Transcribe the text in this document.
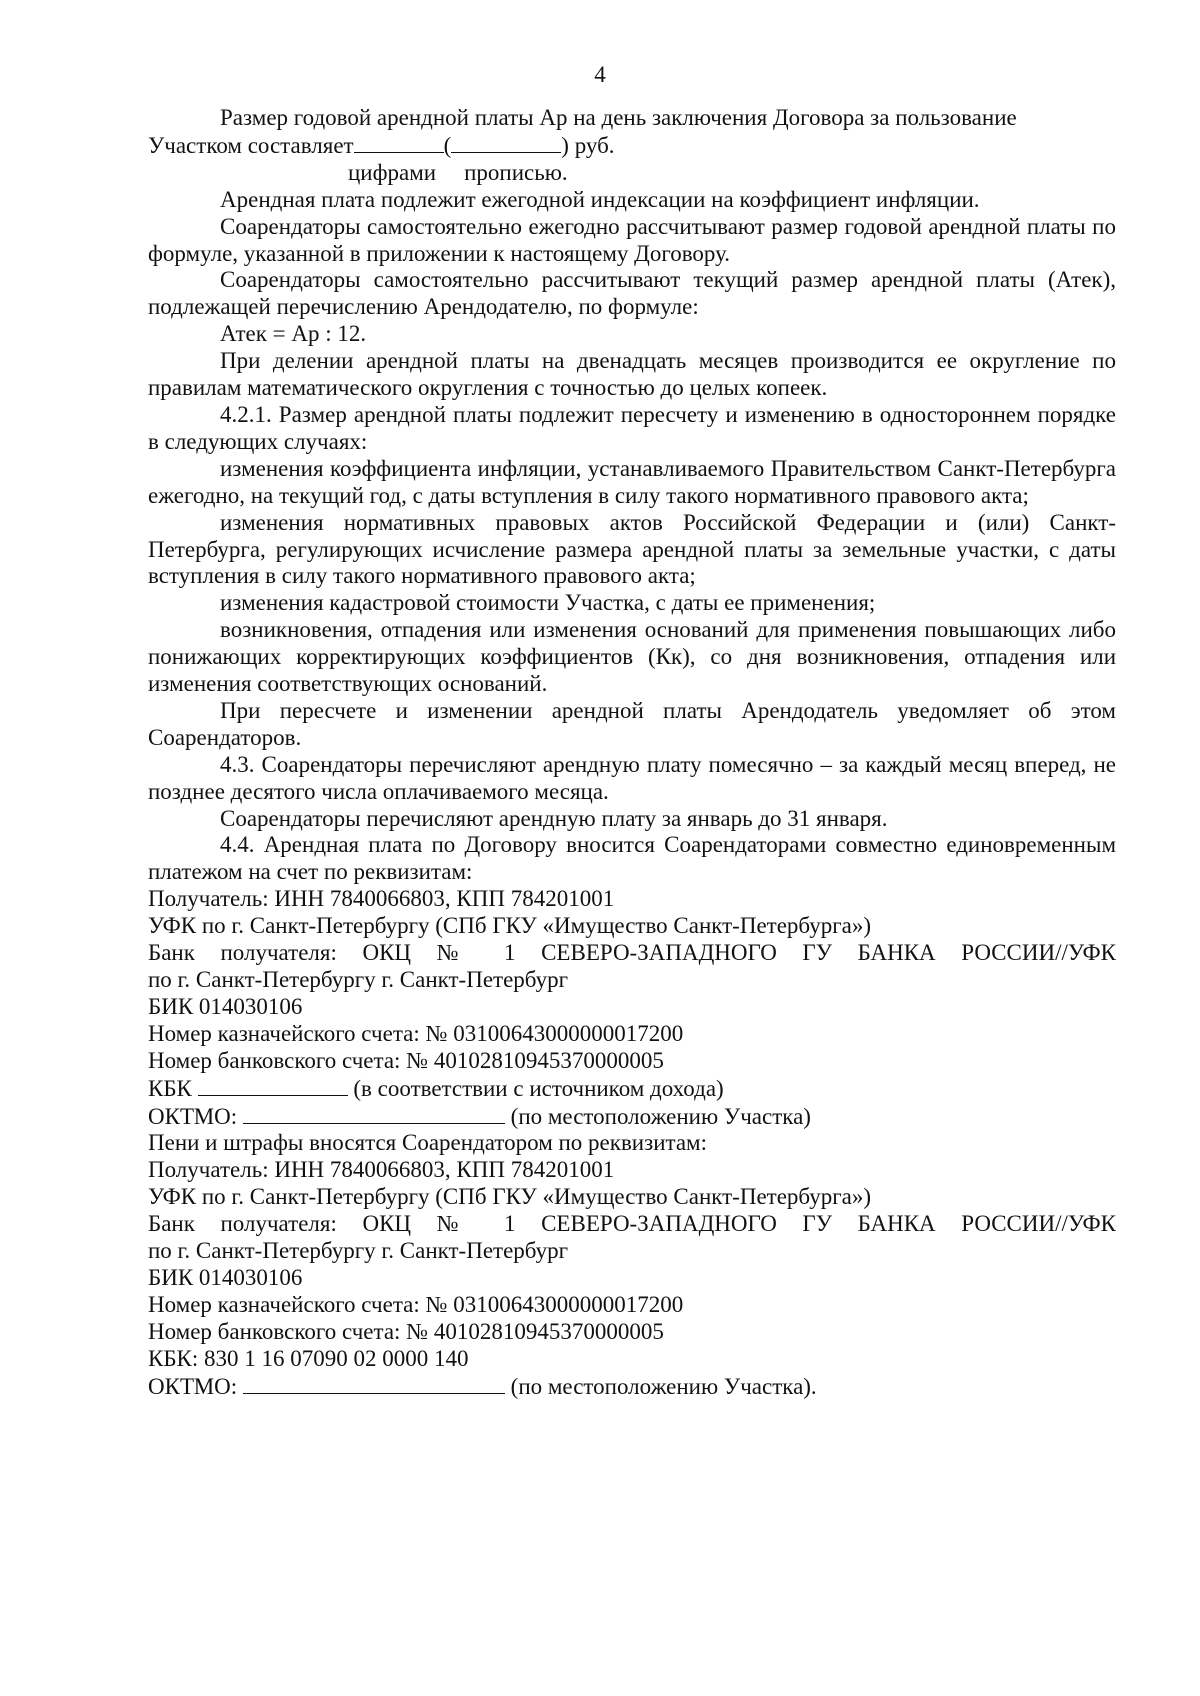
4

Размер годовой арендной платы Ар на день заключения Договора за пользование

Участком составляет	(	) руб.

цифрами прописью.

Арендная плата подлежит ежегодной индексации на коэффициент инфляции.

Соарендаторы самостоятельно ежегодно рассчитывают размер годовой арендной платы по формуле, указанной в приложении к настоящему Договору.

Соарендаторы самостоятельно рассчитывают текущий размер арендной платы (Атек), подлежащей перечислению Арендодателю, по формуле:

Атек = Ар : 12.

При делении арендной платы на двенадцать месяцев производится ее округление по правилам математического округления с точностью до целых копеек.

4.2.1. Размер арендной платы подлежит пересчету и изменению в одностороннем порядке в следующих случаях:

изменения коэффициента инфляции, устанавливаемого Правительством Санкт-Петербурга ежегодно, на текущий год, с даты вступления в силу такого нормативного правового акта;

изменения нормативных правовых актов Российской Федерации и (или) Санкт-Петербурга, регулирующих исчисление размера арендной платы за земельные участки, с даты вступления в силу такого нормативного правового акта;

изменения кадастровой стоимости Участка, с даты ее применения;

возникновения, отпадения или изменения оснований для применения повышающих либо понижающих корректирующих коэффициентов (Кк), со дня возникновения, отпадения или изменения соответствующих оснований.

При пересчете и изменении арендной платы Арендодатель уведомляет об этом Соарендаторов.

4.3. Соарендаторы перечисляют арендную плату помесячно – за каждый месяц вперед, не позднее десятого числа оплачиваемого месяца.

Соарендаторы перечисляют арендную плату за январь до 31 января.

4.4. Арендная плата по Договору вносится Соарендаторами совместно единовременным платежом на счет по реквизитам:

Получатель: ИНН 7840066803, КПП 784201001

УФК по г. Санкт-Петербургу (СПб ГКУ «Имущество Санкт-Петербурга»)

Банк получателя: ОКЦ № 1 СЕВЕРО-ЗАПАДНОГО ГУ БАНКА РОССИИ//УФК

по г. Санкт-Петербургу г. Санкт-Петербург

БИК 014030106

Номер казначейского счета: № 03100643000000017200

Номер банковского счета: № 40102810945370000005

КБК	(в соответствии с источником дохода)

ОКТМО:	(по местоположению Участка)

Пени и штрафы вносятся Соарендатором по реквизитам:

Получатель: ИНН 7840066803, КПП 784201001

УФК по г. Санкт-Петербургу (СПб ГКУ «Имущество Санкт-Петербурга»)

Банк получателя: ОКЦ № 1 СЕВЕРО-ЗАПАДНОГО ГУ БАНКА РОССИИ//УФК

по г. Санкт-Петербургу г. Санкт-Петербург

БИК 014030106

Номер казначейского счета: № 03100643000000017200

Номер банковского счета: № 40102810945370000005

КБК: 830 1 16 07090 02 0000 140

ОКТМО:	(по местоположению Участка).
